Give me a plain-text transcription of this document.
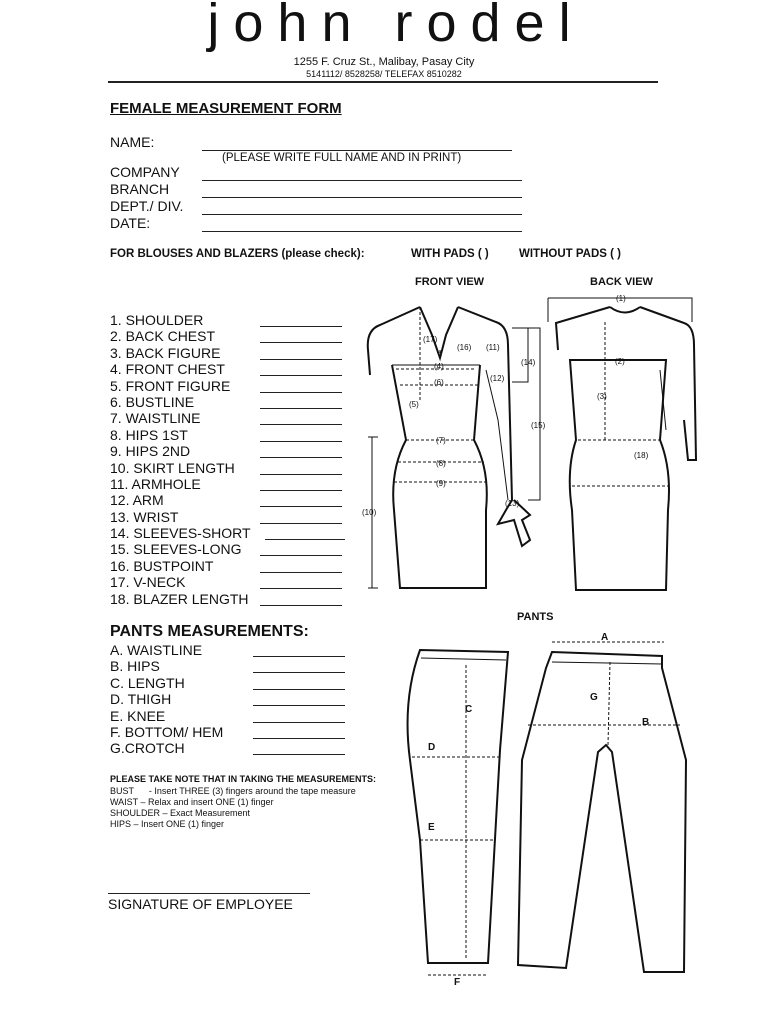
john rodel
1255 F. Cruz St., Malibay, Pasay City
5141112/ 8528258/ TELEFAX 8510282
FEMALE MEASUREMENT FORM
NAME:
(PLEASE WRITE FULL NAME AND IN PRINT)
COMPANY
BRANCH
DEPT./ DIV.
DATE:
FOR BLOUSES AND BLAZERS (please check):	WITH PADS ( )	WITHOUT PADS ( )
FRONT VIEW	BACK VIEW
1. SHOULDER
2. BACK CHEST
3. BACK FIGURE
4. FRONT CHEST
5. FRONT FIGURE
6. BUSTLINE
7. WAISTLINE
8. HIPS 1ST
9. HIPS 2ND
10. SKIRT LENGTH
11. ARMHOLE
12. ARM
13. WRIST
14. SLEEVES-SHORT
15. SLEEVES-LONG
16. BUSTPOINT
17. V-NECK
18. BLAZER LENGTH
PANTS MEASUREMENTS:
A. WAISTLINE
B. HIPS
C. LENGTH
D. THIGH
E. KNEE
F. BOTTOM/ HEM
G.CROTCH
PLEASE TAKE NOTE THAT IN TAKING THE MEASUREMENTS:
BUST      - Insert THREE (3) fingers around the tape measure
WAIST – Relax and insert ONE (1) finger
SHOULDER – Exact Measurement
HIPS – Insert ONE (1) finger
SIGNATURE OF EMPLOYEE
PANTS
(17)
(16) (11)
(4)
(6)	(12)
(14)
(5)
(7)
(8)
(9)
(10)
(15)
(13)
(1)
(2)
(3)
(18)
A
B
C
D
E
F
G
